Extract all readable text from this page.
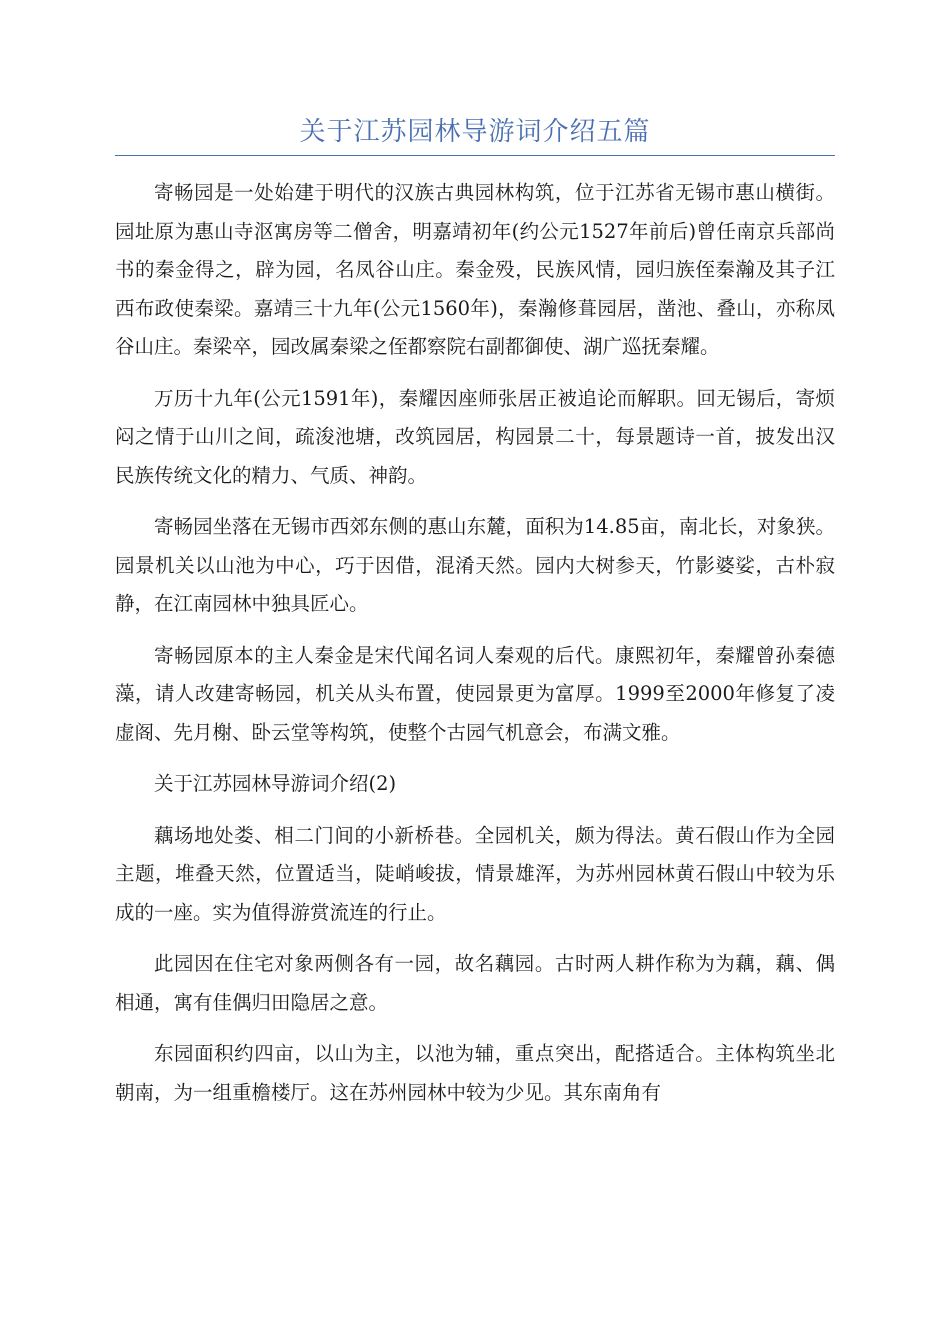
关于江苏园林导游词介绍五篇

寄畅园是一处始建于明代的汉族古典园林构筑，位于江苏省无锡市惠山横街。园址原为惠山寺沤寓房等二僧舍，明嘉靖初年(约公元1527年前后)曾任南京兵部尚书的秦金得之，辟为园，名凤谷山庄。秦金殁，民族风情，园归族侄秦瀚及其子江西布政使秦梁。嘉靖三十九年(公元1560年)，秦瀚修葺园居，凿池、叠山，亦称凤谷山庄。秦梁卒，园改属秦梁之侄都察院右副都御使、湖广巡抚秦耀。

万历十九年(公元1591年)，秦耀因座师张居正被追论而解职。回无锡后，寄烦闷之情于山川之间，疏浚池塘，改筑园居，构园景二十，每景题诗一首，披发出汉民族传统文化的精力、气质、神韵。

寄畅园坐落在无锡市西郊东侧的惠山东麓，面积为14.85亩，南北长，对象狭。园景机关以山池为中心，巧于因借，混淆天然。园内大树参天，竹影婆娑，古朴寂静，在江南园林中独具匠心。

寄畅园原本的主人秦金是宋代闻名词人秦观的后代。康熙初年，秦耀曾孙秦德藻，请人改建寄畅园，机关从头布置，使园景更为富厚。1999至2000年修复了凌虚阁、先月榭、卧云堂等构筑，使整个古园气机意会，布满文雅。

关于江苏园林导游词介绍(2)

藕场地处娄、相二门间的小新桥巷。全园机关，颇为得法。黄石假山作为全园主题，堆叠天然，位置适当，陡峭峻拔，情景雄浑，为苏州园林黄石假山中较为乐成的一座。实为值得游赏流连的行止。

此园因在住宅对象两侧各有一园，故名藕园。古时两人耕作称为为藕，藕、偶相通，寓有佳偶归田隐居之意。

东园面积约四亩，以山为主，以池为辅，重点突出，配搭适合。主体构筑坐北朝南，为一组重檐楼厅。这在苏州园林中较为少见。其东南角有
